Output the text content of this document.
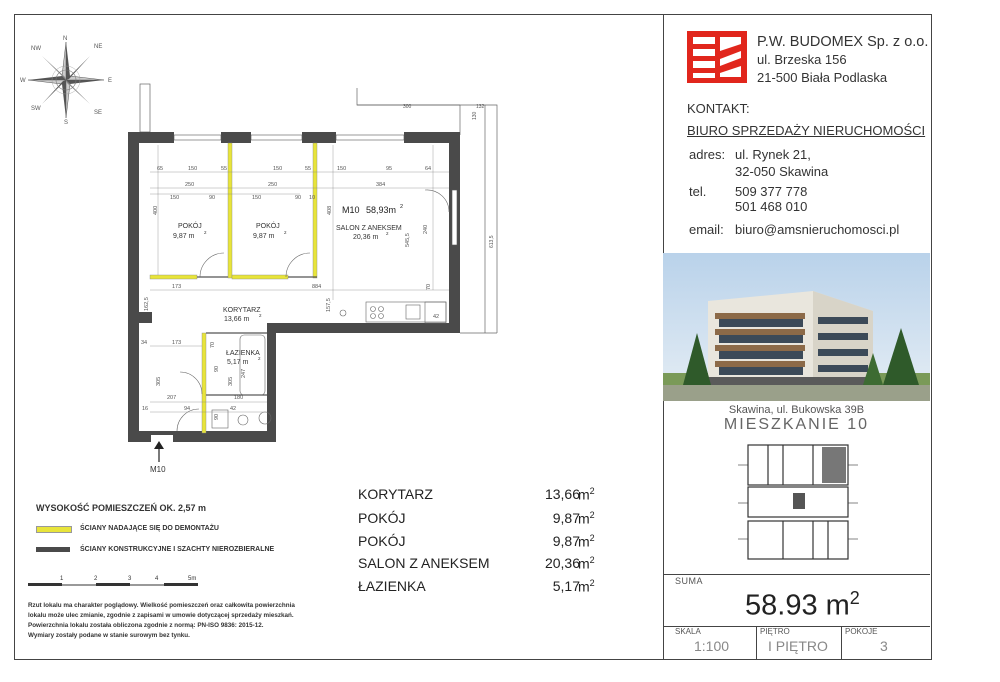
N
NE
E
SE
S
SW
W
NW
300	132
130
613,5
M10
65	150	55	150	55	150	95	64
250	250	384
150	90	150	90 10
400	408
240
545,5
173	884
162,5	157,5
42
70
173
34
305
207
94
180
16	42
247
90
305
90
70
POKÓJ
9,87 m
2
POKÓJ
9,87 m
2
SALON Z ANEKSEM
20,36 m
2
KORYTARZ
13,66 m
2
ŁAZIENKA
5,17 m
2
M10 58,93m 2
WYSOKOŚĆ POMIESZCZEŃ OK. 2,57 m
ŚCIANY NADAJĄCE SIĘ DO DEMONTAŻU
ŚCIANY KONSTRUKCYJNE I SZACHTY NIEROZBIERALNE
1	2	3	4	5m
Rzut lokalu ma charakter poglądowy. Wielkość pomieszczeń oraz całkowita powierzchnia
lokalu może ulec zmianie, zgodnie z zapisami w umowie dotyczącej sprzedaży mieszkań.
Powierzchnia lokalu została obliczona zgodnie z normą: PN-ISO 9836: 2015-12.
Wymiary zostały podane w stanie surowym bez tynku.
KORYTARZ	13,66
$m^2$
POKÓJ	9,87
$m^2$
POKÓJ	9,87
$m^2$
SALON Z ANEKSEM	20,36
$m^2$
ŁAZIENKA	5,17
$m^2$
P.W. BUDOMEX Sp. z o.o.
ul. Brzeska 156
21-500 Biała Podlaska
KONTAKT:
BIURO SPRZEDAŻY NIERUCHOMOŚCI
adres: ul. Rynek 21,
32-050 Skawina
tel. 509 377 778
501 468 010
email: biuro@amsnieruchomosci.pl
Skawina, ul. Bukowska 39B
MIESZKANIE 10
SUMA
58.93 $m^2$
SKALA
1:100
PIĘTRO
I PIĘTRO
POKOJE
3
